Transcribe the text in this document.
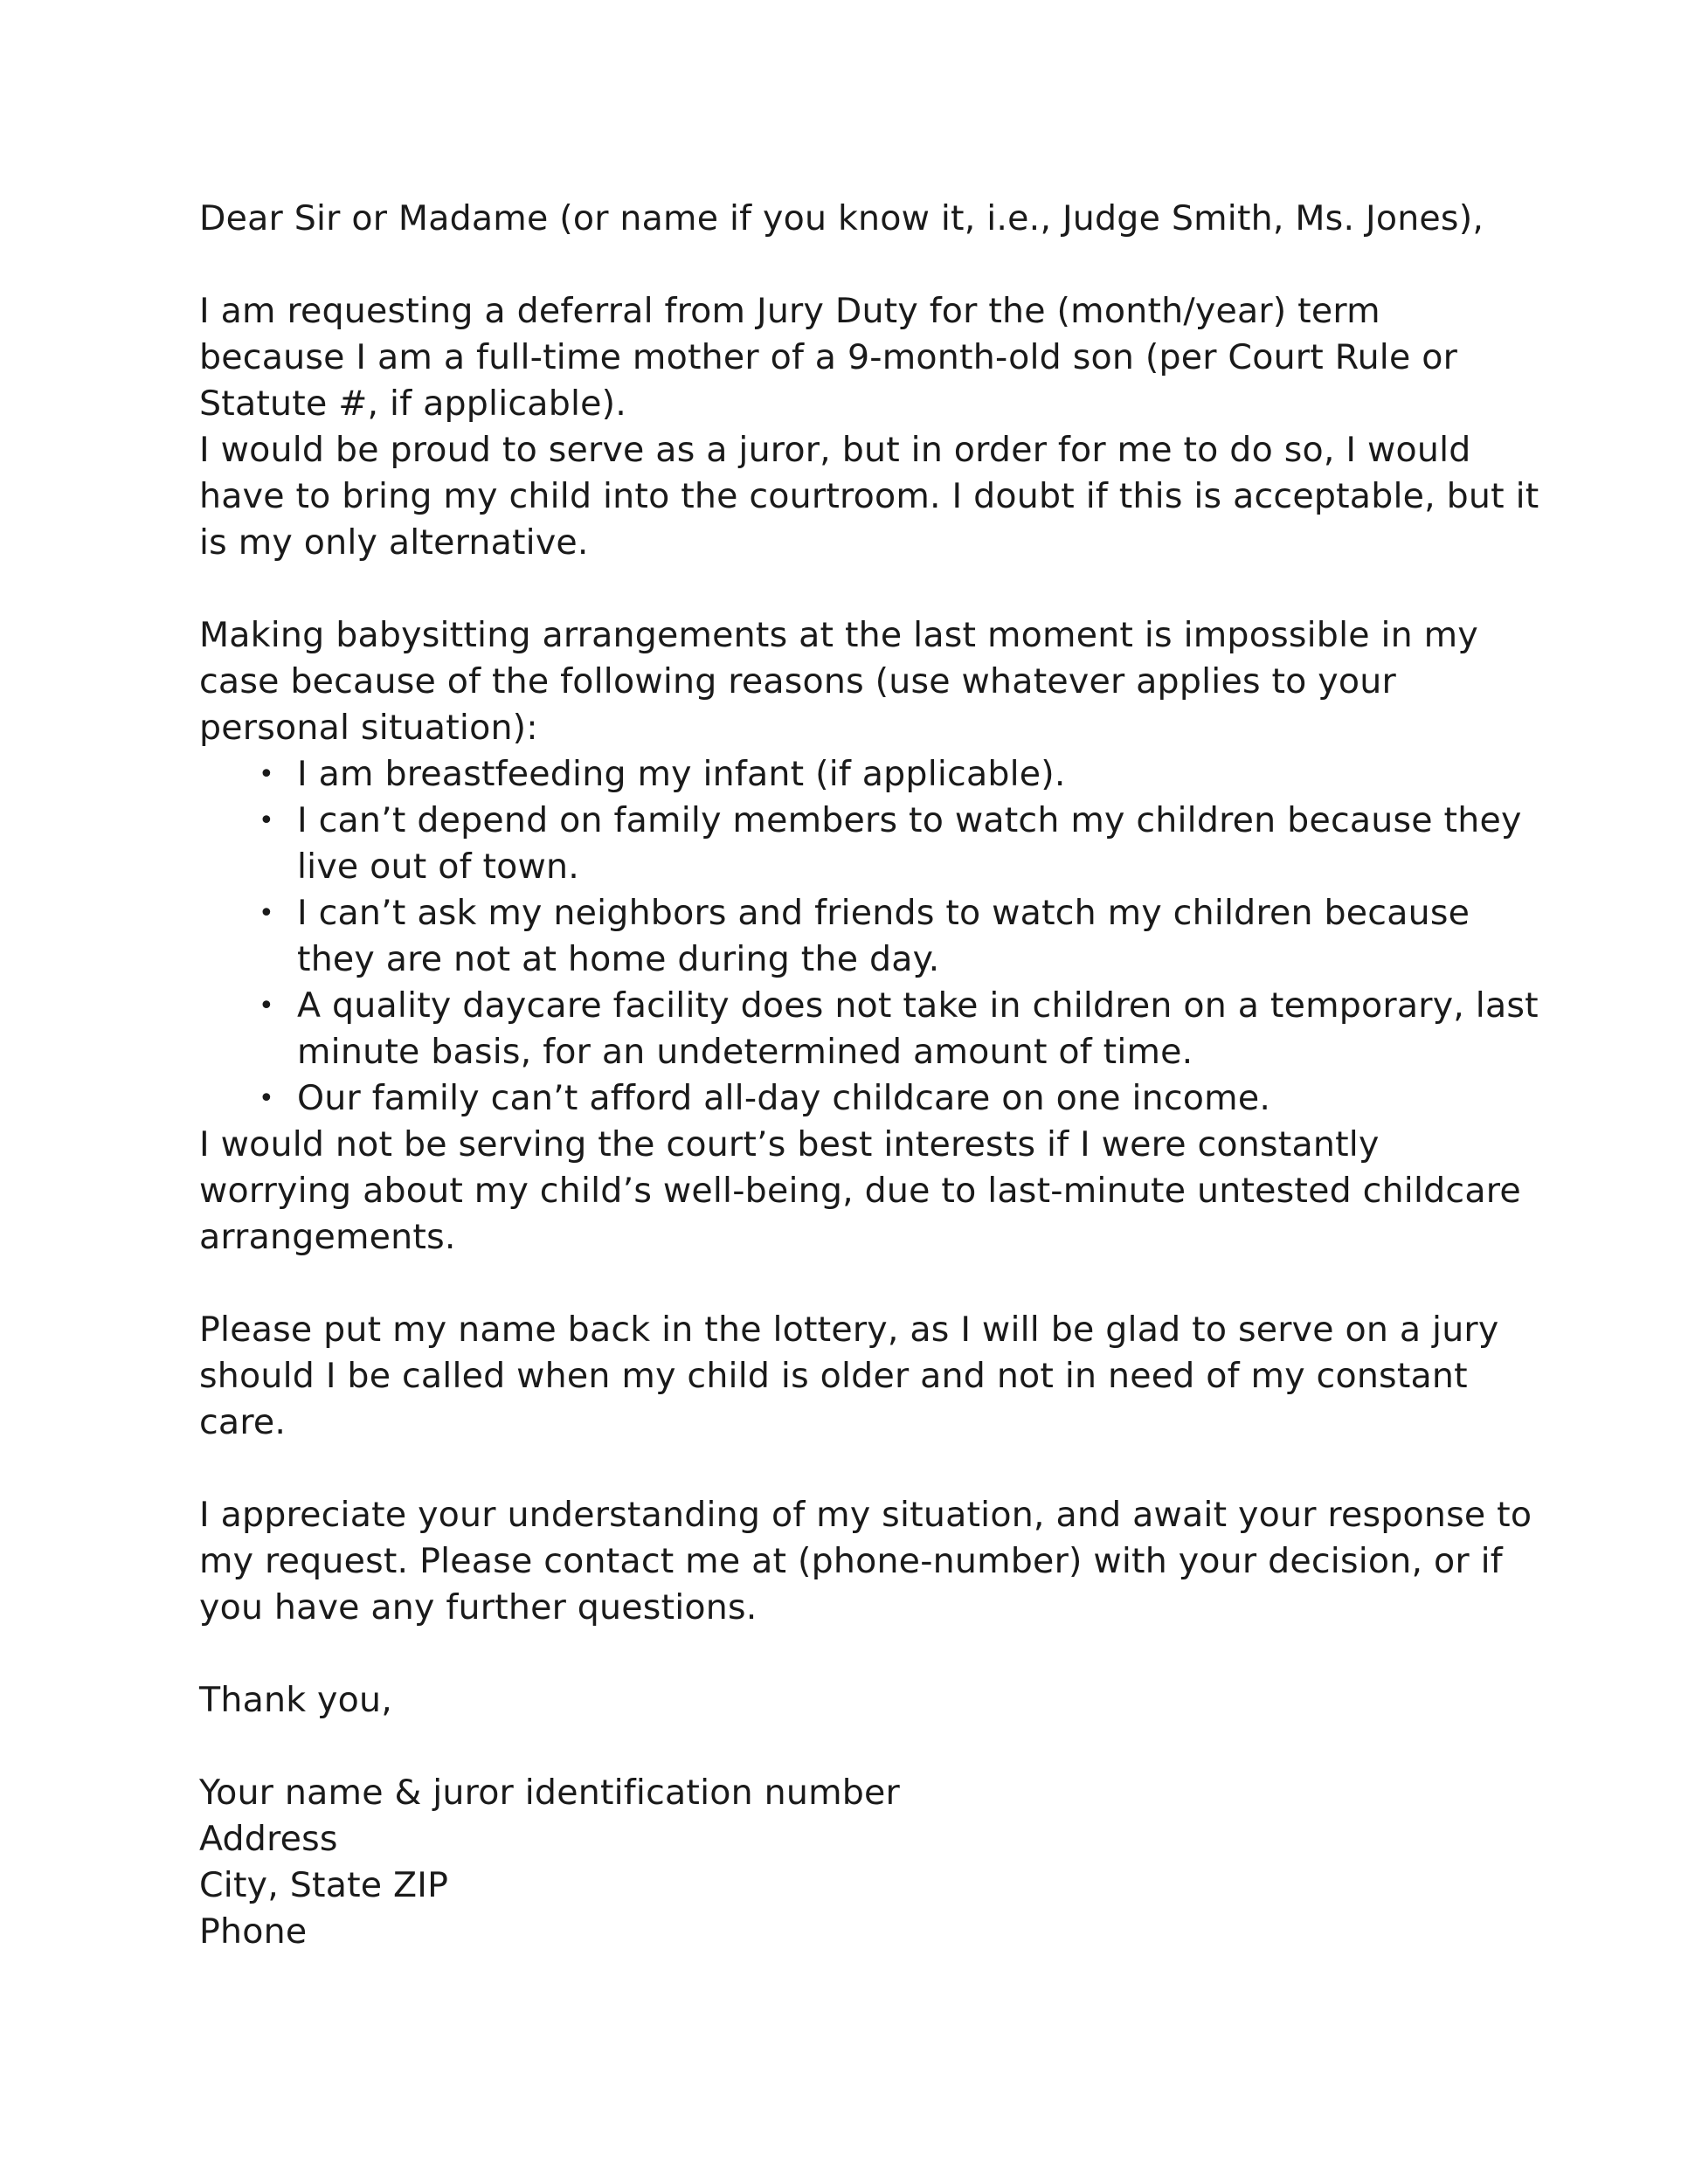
Dear Sir or Madame (or name if you know it, i.e., Judge Smith, Ms. Jones),
I am requesting a deferral from Jury Duty for the (month/year) term
because I am a full-time mother of a 9-month-old son (per Court Rule or
Statute #, if applicable).
I would be proud to serve as a juror, but in order for me to do so, I would
have to bring my child into the courtroom. I doubt if this is acceptable, but it
is my only alternative.
Making babysitting arrangements at the last moment is impossible in my
case because of the following reasons (use whatever applies to your
personal situation):
• I am breastfeeding my infant (if applicable).
• I can’t depend on family members to watch my children because they
live out of town.
• I can’t ask my neighbors and friends to watch my children because
they are not at home during the day.
• A quality daycare facility does not take in children on a temporary, last
minute basis, for an undetermined amount of time.
• Our family can’t afford all-day childcare on one income.
I would not be serving the court’s best interests if I were constantly
worrying about my child’s well-being, due to last-minute untested childcare
arrangements.
Please put my name back in the lottery, as I will be glad to serve on a jury
should I be called when my child is older and not in need of my constant
care.
I appreciate your understanding of my situation, and await your response to
my request. Please contact me at (phone-number) with your decision, or if
you have any further questions.
Thank you,
Your name & juror identification number
Address
City, State ZIP
Phone
